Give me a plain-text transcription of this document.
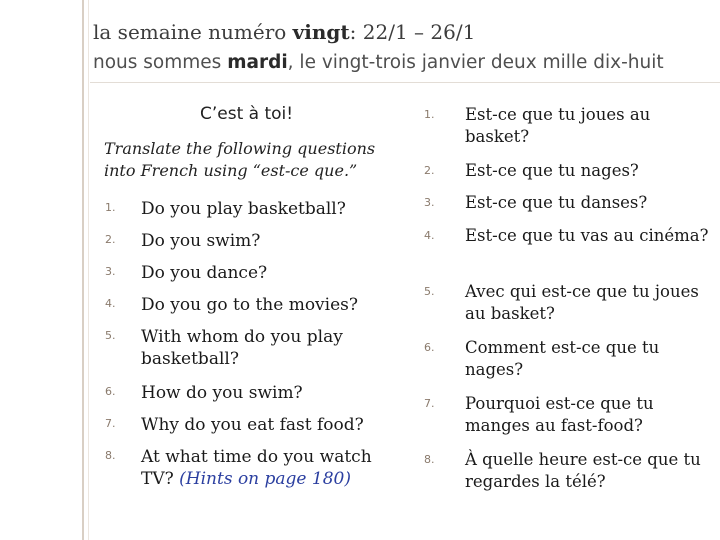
la semaine numéro vingt: 22/1 – 26/1
nous sommes mardi, le vingt-trois janvier deux mille dix-huit
C’est à toi!
Translate the following questions into French using “est-ce que.”
1. Do you play basketball?
2. Do you swim?
3. Do you dance?
4. Do you go to the movies?
5. With whom do you play basketball?
6. How do you swim?
7. Why do you eat fast food?
8. At what time do you watch TV? (Hints on page 180)
1. Est-ce que tu joues au basket?
2. Est-ce que tu nages?
3. Est-ce que tu danses?
4. Est-ce que tu vas au cinéma?
5. Avec qui est-ce que tu joues au basket?
6. Comment est-ce que tu nages?
7. Pourquoi est-ce que tu manges au fast-food?
8. À quelle heure est-ce que tu regardes la télé?
